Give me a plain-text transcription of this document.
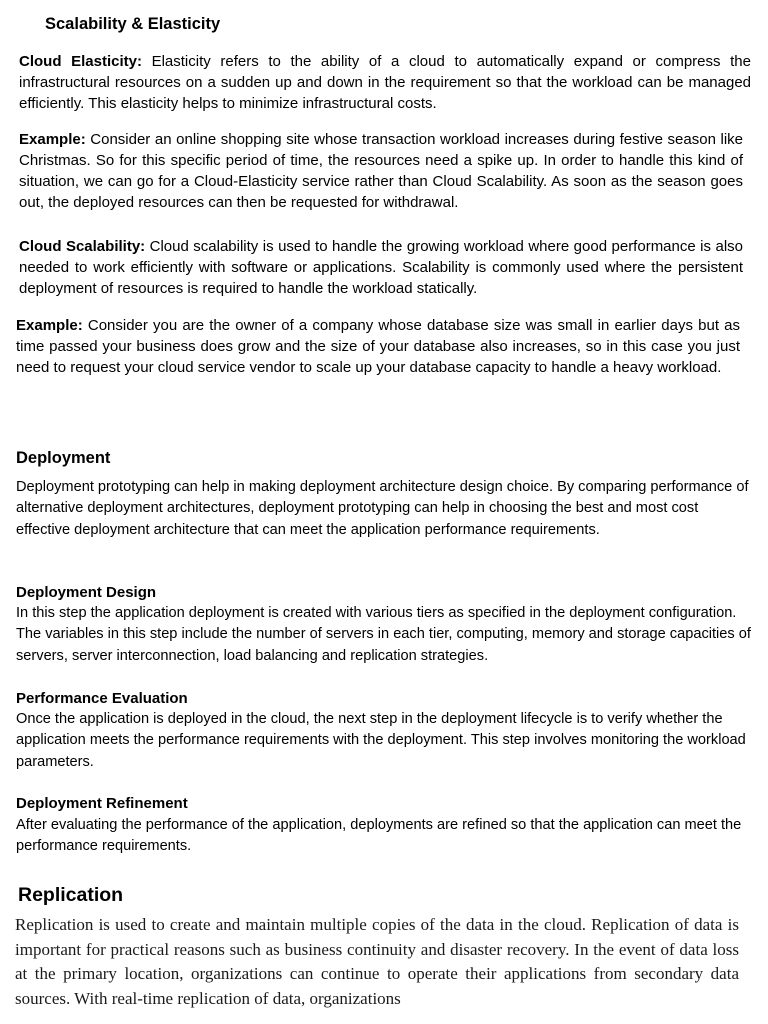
Scalability & Elasticity
Cloud Elasticity: Elasticity refers to the ability of a cloud to automatically expand or compress the infrastructural resources on a sudden up and down in the requirement so that the workload can be managed efficiently. This elasticity helps to minimize infrastructural costs.
Example: Consider an online shopping site whose transaction workload increases during festive season like Christmas. So for this specific period of time, the resources need a spike up. In order to handle this kind of situation, we can go for a Cloud-Elasticity service rather than Cloud Scalability. As soon as the season goes out, the deployed resources can then be requested for withdrawal.
Cloud Scalability: Cloud scalability is used to handle the growing workload where good performance is also needed to work efficiently with software or applications. Scalability is commonly used where the persistent deployment of resources is required to handle the workload statically.
Example: Consider you are the owner of a company whose database size was small in earlier days but as time passed your business does grow and the size of your database also increases, so in this case you just need to request your cloud service vendor to scale up your database capacity to handle a heavy workload.
Deployment
Deployment prototyping can help in making deployment architecture design choice. By comparing performance of alternative deployment architectures, deployment prototyping can help in choosing the best and most cost effective deployment architecture that can meet the application performance requirements.
Deployment Design
In this step the application deployment is created with various tiers as specified in the deployment configuration. The variables in this step include the number of servers in each tier, computing, memory and storage capacities of servers, server interconnection, load balancing and replication strategies.
Performance Evaluation
Once the application is deployed in the cloud, the next step in the deployment lifecycle is to verify whether the application meets the performance requirements with the deployment. This step involves monitoring the workload parameters.
Deployment Refinement
After evaluating the performance of the application, deployments are refined so that the application can meet the performance requirements.
Replication
Replication is used to create and maintain multiple copies of the data in the cloud. Replication of data is important for practical reasons such as business continuity and disaster recovery. In the event of data loss at the primary location, organizations can continue to operate their applications from secondary data sources. With real-time replication of data, organizations
